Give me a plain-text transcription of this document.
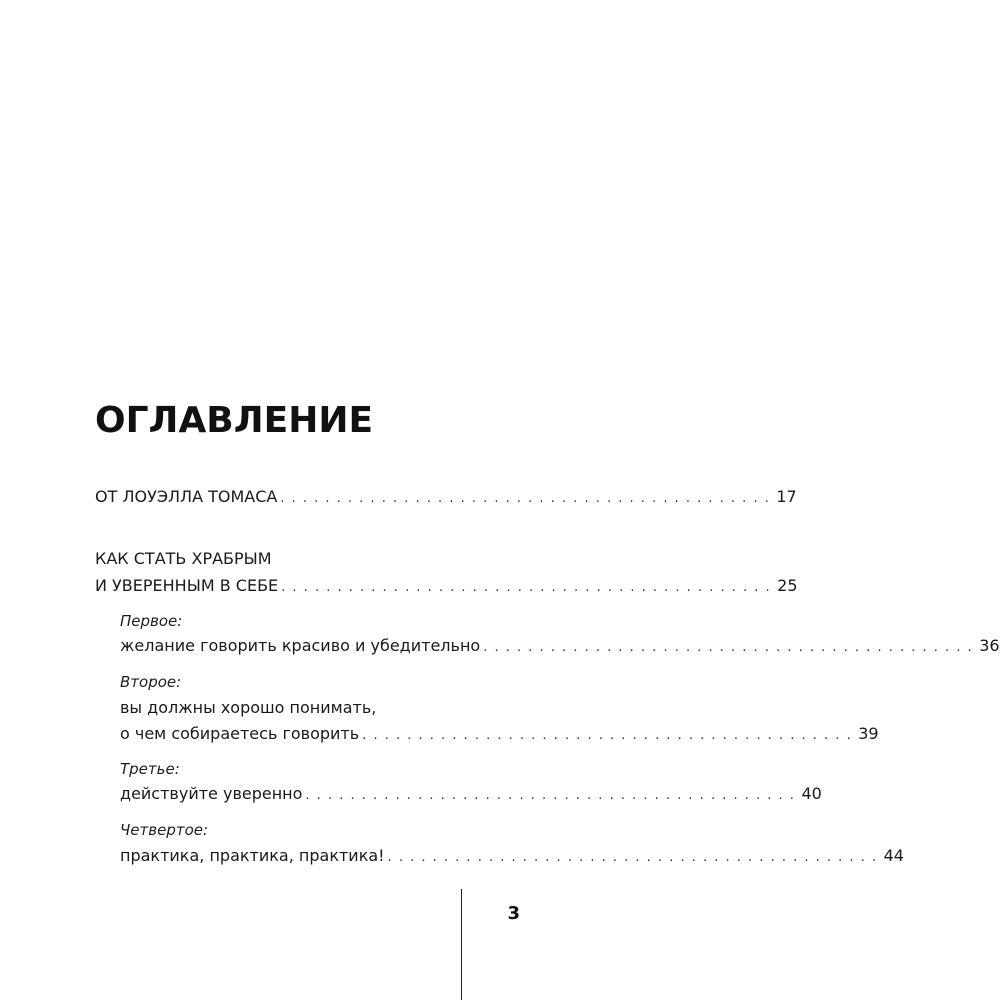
ОГЛАВЛЕНИЕ
ОТ ЛОУЭЛЛА ТОМАСА . . . . . . . . . . . . . . . . . . . . . . . . . . . . . . . . . . . . . . . . . . . . 17
КАК СТАТЬ ХРАБРЫМ
И УВЕРЕННЫМ В СЕБЕ . . . . . . . . . . . . . . . . . . . . . . . . . . . . . . . . . . . . . . . . . . . . 25
Первое:
желание говорить красиво и убедительно . . . . . . . . . . . . . . . . . . . . . . . . . . . . . . . . . . . . . . . . . . . . 36
Второе:
вы должны хорошо понимать,
о чем собираетесь говорить . . . . . . . . . . . . . . . . . . . . . . . . . . . . . . . . . . . . . . . . . . . . 39
Третье:
действуйте уверенно . . . . . . . . . . . . . . . . . . . . . . . . . . . . . . . . . . . . . . . . . . . . 40
Четвертое:
практика, практика, практика! . . . . . . . . . . . . . . . . . . . . . . . . . . . . . . . . . . . . . . . . . . . . 44
3
